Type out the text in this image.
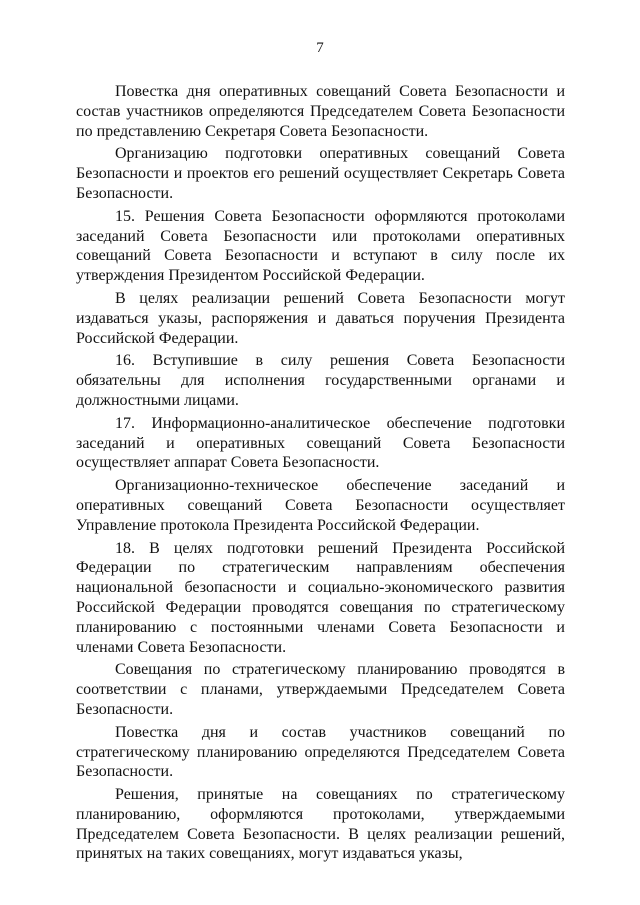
7

Повестка дня оперативных совещаний Совета Безопасности и состав участников определяются Председателем Совета Безопасности по представлению Секретаря Совета Безопасности.

Организацию подготовки оперативных совещаний Совета Безопасности и проектов его решений осуществляет Секретарь Совета Безопасности.

15. Решения Совета Безопасности оформляются протоколами заседаний Совета Безопасности или протоколами оперативных совещаний Совета Безопасности и вступают в силу после их утверждения Президентом Российской Федерации.

В целях реализации решений Совета Безопасности могут издаваться указы, распоряжения и даваться поручения Президента Российской Федерации.

16. Вступившие в силу решения Совета Безопасности обязательны для исполнения государственными органами и должностными лицами.

17. Информационно-аналитическое обеспечение подготовки заседаний и оперативных совещаний Совета Безопасности осуществляет аппарат Совета Безопасности.

Организационно-техническое обеспечение заседаний и оперативных совещаний Совета Безопасности осуществляет Управление протокола Президента Российской Федерации.

18. В целях подготовки решений Президента Российской Федерации по стратегическим направлениям обеспечения национальной безопасности и социально-экономического развития Российской Федерации проводятся совещания по стратегическому планированию с постоянными членами Совета Безопасности и членами Совета Безопасности.

Совещания по стратегическому планированию проводятся в соответствии с планами, утверждаемыми Председателем Совета Безопасности.

Повестка дня и состав участников совещаний по стратегическому планированию определяются Председателем Совета Безопасности.

Решения, принятые на совещаниях по стратегическому планированию, оформляются протоколами, утверждаемыми Председателем Совета Безопасности. В целях реализации решений, принятых на таких совещаниях, могут издаваться указы,
